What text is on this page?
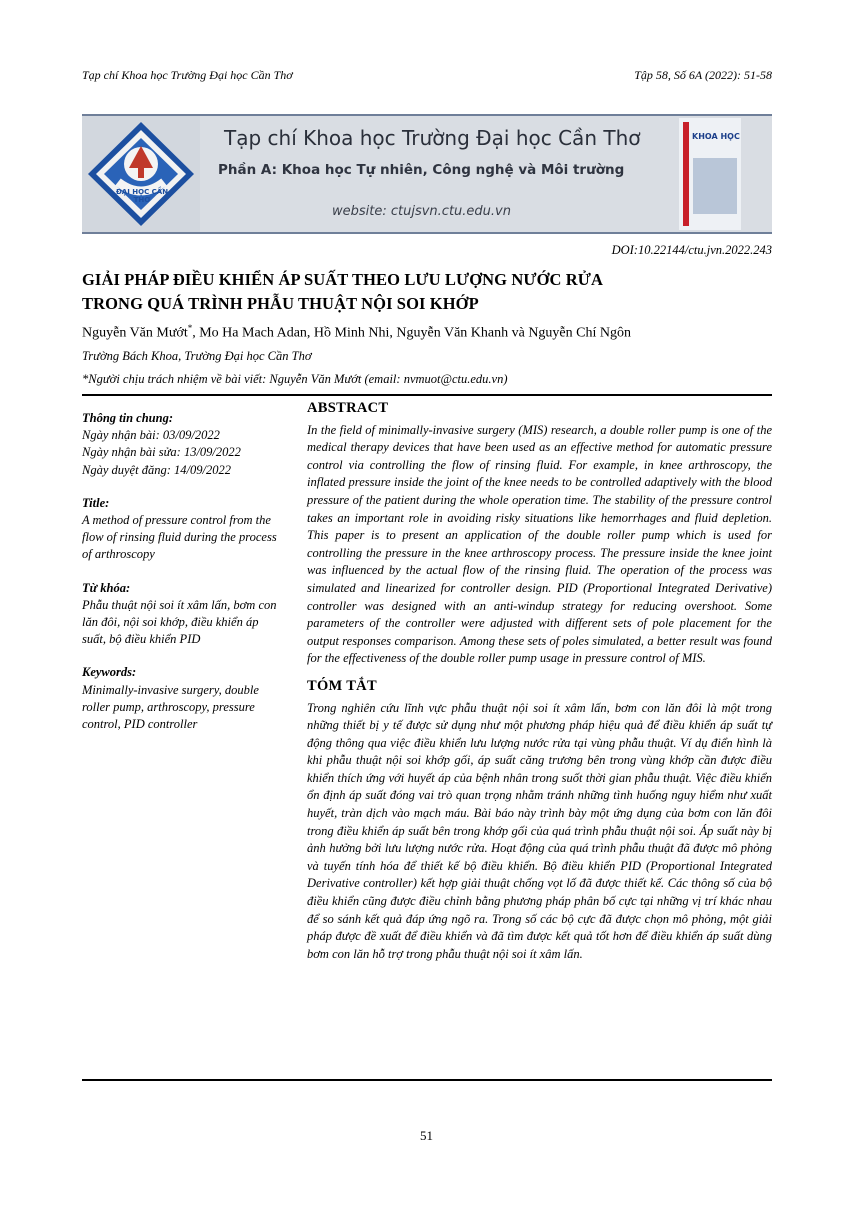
Tạp chí Khoa học Trường Đại học Cần Thơ	Tập 58, Số 6A (2022): 51-58
ĐẠI HỌC CẦN THƠ
Tạp chí Khoa học Trường Đại học Cần Thơ
Phần A: Khoa học Tự nhiên, Công nghệ và Môi trường
website: ctujsvn.ctu.edu.vn
KHOA HỌC
DOI:10.22144/ctu.jvn.2022.243
GIẢI PHÁP ĐIỀU KHIỂN ÁP SUẤT THEO LƯU LƯỢNG NƯỚC RỬA
TRONG QUÁ TRÌNH PHẪU THUẬT NỘI SOI KHỚP
Nguyễn Văn Mướt*, Mo Ha Mach Adan, Hồ Minh Nhi, Nguyễn Văn Khanh và Nguyễn Chí Ngôn
Trường Bách Khoa, Trường Đại học Cần Thơ
*Người chịu trách nhiệm về bài viết: Nguyễn Văn Mướt (email: nvmuot@ctu.edu.vn)

Thông tin chung:

Ngày nhận bài: 03/09/2022

Ngày nhận bài sửa: 13/09/2022

Ngày duyệt đăng: 14/09/2022

Title:

A method of pressure control from the flow of rinsing fluid during the process of arthroscopy

Từ khóa:

Phẫu thuật nội soi ít xâm lấn, bơm con lăn đôi, nội soi khớp, điều khiển áp suất, bộ điều khiển PID

Keywords:

Minimally-invasive surgery, double roller pump, arthroscopy, pressure control, PID controller

ABSTRACT

In the field of minimally-invasive surgery (MIS) research, a double roller pump is one of the medical therapy devices that have been used as an effective method for automatic pressure control via controlling the flow of rinsing fluid. For example, in knee arthroscopy, the inflated pressure inside the joint of the knee needs to be controlled adaptively with the blood pressure of the patient during the whole operation time. The stability of the pressure control takes an important role in avoiding risky situations like hemorrhages and fluid depletion. This paper is to present an application of the double roller pump which is used for controlling the pressure in the knee arthroscopy process. The pressure inside the knee joint was influenced by the actual flow of the rinsing fluid. The operation of the process was simulated and linearized for controller design. PID (Proportional Integrated Derivative) controller was designed with an anti-windup strategy for reducing overshoot. Some parameters of the controller were adjusted with different sets of pole placement for the output responses comparison. Among these sets of poles simulated, a better result was found for the effectiveness of the double roller pump usage in pressure control of MIS.

TÓM TẮT

Trong nghiên cứu lĩnh vực phẫu thuật nội soi ít xâm lấn, bơm con lăn đôi là một trong những thiết bị y tế được sử dụng như một phương pháp hiệu quả để điều khiển áp suất tự động thông qua việc điều khiển lưu lượng nước rửa tại vùng phẫu thuật. Ví dụ điển hình là khi phẫu thuật nội soi khớp gối, áp suất căng trương bên trong vùng khớp cần được điều khiển thích ứng với huyết áp của bệnh nhân trong suốt thời gian phẫu thuật. Việc điều khiển ổn định áp suất đóng vai trò quan trọng nhằm tránh những tình huống nguy hiểm như xuất huyết, tràn dịch vào mạch máu. Bài báo này trình bày một ứng dụng của bơm con lăn đôi trong điều khiển áp suất bên trong khớp gối của quá trình phẫu thuật nội soi. Áp suất này bị ảnh hưởng bởi lưu lượng nước rửa. Hoạt động của quá trình phẫu thuật đã được mô phỏng và tuyến tính hóa để thiết kế bộ điều khiển. Bộ điều khiển PID (Proportional Integrated Derivative controller) kết hợp giải thuật chống vọt lố đã được thiết kế. Các thông số của bộ điều khiển cũng được điều chỉnh bằng phương pháp phân bố cực tại những vị trí khác nhau để so sánh kết quả đáp ứng ngõ ra. Trong số các bộ cực đã được chọn mô phỏng, một giải pháp được đề xuất để điều khiển và đã tìm được kết quả tốt hơn để điều khiển áp suất dùng bơm con lăn hỗ trợ trong phẫu thuật nội soi ít xâm lấn.

51
